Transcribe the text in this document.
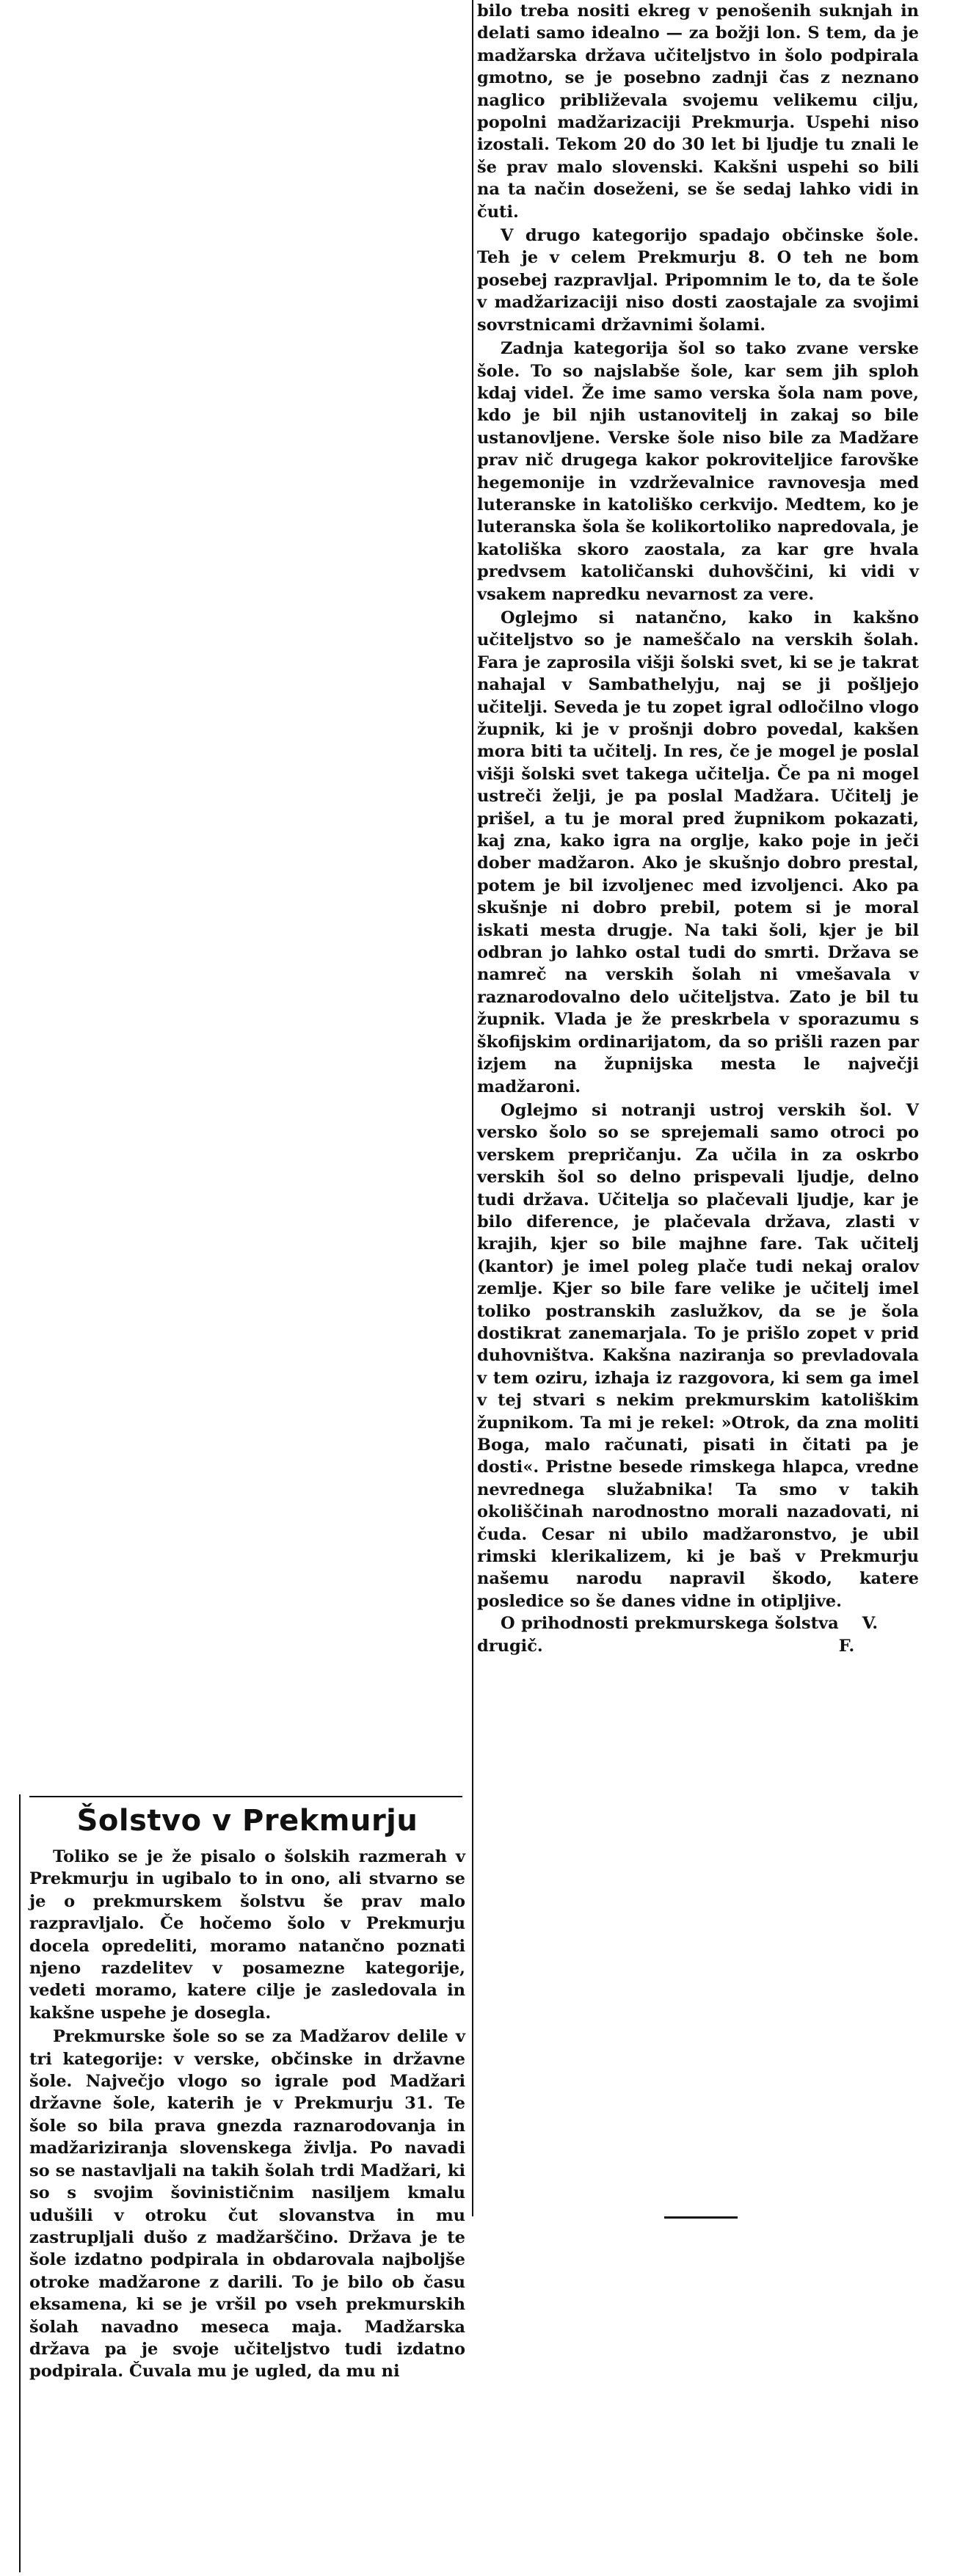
bilo treba nositi ekreg v penošenih suknjah in delati samo idealno — za božji lon. S tem, da je madžarska država učiteljstvo in šolo podpirala gmotno, se je posebno zadnji čas z neznano naglico približevala svojemu velikemu cilju, popolni madžarizaciji Prekmurja. Uspehi niso izostali. Tekom 20 do 30 let bi ljudje tu znali le še prav malo slovenski. Kakšni uspehi so bili na ta način doseženi, se še sedaj lahko vidi in čuti.

V drugo kategorijo spadajo občinske šole. Teh je v celem Prekmurju 8. O teh ne bom posebej razpravljal. Pripomnim le to, da te šole v madžarizaciji niso dosti zaostajale za svojimi sovrstnicami državnimi šolami.

Zadnja kategorija šol so tako zvane verske šole. To so najslabše šole, kar sem jih sploh kdaj videl. Že ime samo verska šola nam pove, kdo je bil njih ustanovitelj in zakaj so bile ustanovljene. Verske šole niso bile za Madžare prav nič drugega kakor pokroviteljice farovške hegemonije in vzdrževalnice ravnovesja med luteranske in katoliško cerkvijo. Medtem, ko je luteranska šola še kolikortoliko napredovala, je katoliška skoro zaostala, za kar gre hvala predvsem katoličanski duhovščini, ki vidi v vsakem napredku nevarnost za vere.

Oglejmo si natančno, kako in kakšno učiteljstvo so je nameščalo na verskih šolah. Fara je zaprosila višji šolski svet, ki se je takrat nahajal v Sambathelyju, naj se ji pošljejo učitelji. Seveda je tu zopet igral odločilno vlogo župnik, ki je v prošnji dobro povedal, kakšen mora biti ta učitelj. In res, če je mogel je poslal višji šolski svet takega učitelja. Če pa ni mogel ustreči želji, je pa poslal Madžara. Učitelj je prišel, a tu je moral pred župnikom pokazati, kaj zna, kako igra na orglje, kako poje in ječi dober madžaron. Ako je skušnjo dobro prestal, potem je bil izvoljenec med izvoljenci. Ako pa skušnje ni dobro prebil, potem si je moral iskati mesta drugje. Na taki šoli, kjer je bil odbran jo lahko ostal tudi do smrti. Država se namreč na verskih šolah ni vmešavala v raznarodovalno delo učiteljstva. Zato je bil tu župnik. Vlada je že preskrbela v sporazumu s škofijskim ordinarijatom, da so prišli razen par izjem na župnijska mesta le največji madžaroni.

Oglejmo si notranji ustroj verskih šol. V versko šolo so se sprejemali samo otroci po verskem prepričanju. Za učila in za oskrbo verskih šol so delno prispevali ljudje, delno tudi država. Učitelja so plačevali ljudje, kar je bilo diference, je plačevala država, zlasti v krajih, kjer so bile majhne fare. Tak učitelj (kantor) je imel poleg plače tudi nekaj oralov zemlje. Kjer so bile fare velike je učitelj imel toliko postranskih zaslužkov, da se je šola dostikrat zanemarjala. To je prišlo zopet v prid duhovništva. Kakšna naziranja so prevladovala v tem oziru, izhaja iz razgovora, ki sem ga imel v tej stvari s nekim prekmurskim katoliškim župnikom. Ta mi je rekel: »Otrok, da zna moliti Boga, malo računati, pisati in čitati pa je dosti«. Pristne besede rimskega hlapca, vredne nevrednega služabnika! Ta smo v takih okoliščinah narodnostno morali nazadovati, ni čuda. Cesar ni ubilo madžaronstvo, je ubil rimski klerikalizem, ki je baš v Prekmurju našemu narodu napravil škodo, katere posledice so še danes vidne in otipljive.

O prihodnosti prekmurskega šolstva drugič.
V. F.
Šolstvo v Prekmurju

Toliko se je že pisalo o šolskih razmerah v Prekmurju in ugibalo to in ono, ali stvarno se je o prekmurskem šolstvu še prav malo razpravljalo. Če hočemo šolo v Prekmurju docela opredeliti, moramo natančno poznati njeno razdelitev v posamezne kategorije, vedeti moramo, katere cilje je zasledovala in kakšne uspehe je dosegla.

Prekmurske šole so se za Madžarov delile v tri kategorije: v verske, občinske in državne šole. Največjo vlogo so igrale pod Madžari državne šole, katerih je v Prekmurju 31. Te šole so bila prava gnezda raznarodovanja in madžariziranja slovenskega življa. Po navadi so se nastavljali na takih šolah trdi Madžari, ki so s svojim šovinističnim nasiljem kmalu udušili v otroku čut slovanstva in mu zastrupljali dušo z madžarščino. Država je te šole izdatno podpirala in obdarovala najboljše otroke madžarone z darili. To je bilo ob času eksamena, ki se je vršil po vseh prekmurskih šolah navadno meseca maja. Madžarska država pa je svoje učiteljstvo tudi izdatno podpirala. Čuvala mu je ugled, da mu ni
